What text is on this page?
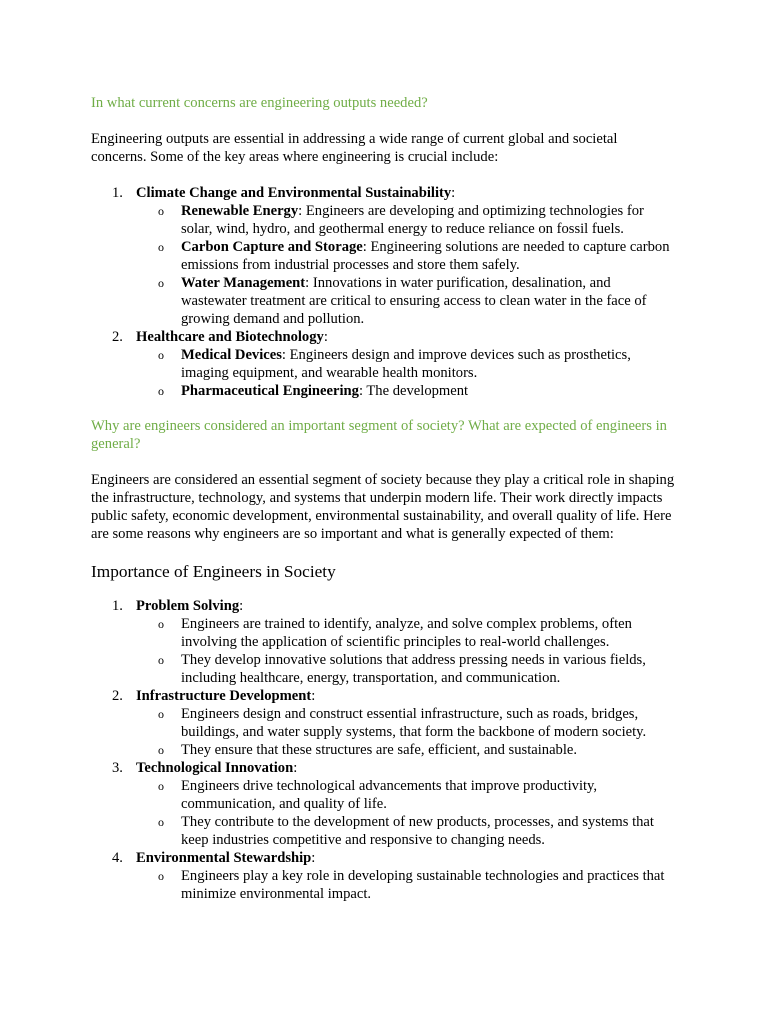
In what current concerns are engineering outputs needed?

Engineering outputs are essential in addressing a wide range of current global and societal concerns. Some of the key areas where engineering is crucial include:

1. Climate Change and Environmental Sustainability:
o Renewable Energy: Engineers are developing and optimizing technologies for solar, wind, hydro, and geothermal energy to reduce reliance on fossil fuels.
o Carbon Capture and Storage: Engineering solutions are needed to capture carbon emissions from industrial processes and store them safely.
o Water Management: Innovations in water purification, desalination, and wastewater treatment are critical to ensuring access to clean water in the face of growing demand and pollution.
2. Healthcare and Biotechnology:
o Medical Devices: Engineers design and improve devices such as prosthetics, imaging equipment, and wearable health monitors.
o Pharmaceutical Engineering: The development

Why are engineers considered an important segment of society? What are expected of engineers in general?

Engineers are considered an essential segment of society because they play a critical role in shaping the infrastructure, technology, and systems that underpin modern life. Their work directly impacts public safety, economic development, environmental sustainability, and overall quality of life. Here are some reasons why engineers are so important and what is generally expected of them:

Importance of Engineers in Society
1. Problem Solving:
o Engineers are trained to identify, analyze, and solve complex problems, often involving the application of scientific principles to real-world challenges.
o They develop innovative solutions that address pressing needs in various fields, including healthcare, energy, transportation, and communication.
2. Infrastructure Development:
o Engineers design and construct essential infrastructure, such as roads, bridges, buildings, and water supply systems, that form the backbone of modern society.
o They ensure that these structures are safe, efficient, and sustainable.
3. Technological Innovation:
o Engineers drive technological advancements that improve productivity, communication, and quality of life.
o They contribute to the development of new products, processes, and systems that keep industries competitive and responsive to changing needs.
4. Environmental Stewardship:
o Engineers play a key role in developing sustainable technologies and practices that minimize environmental impact.
